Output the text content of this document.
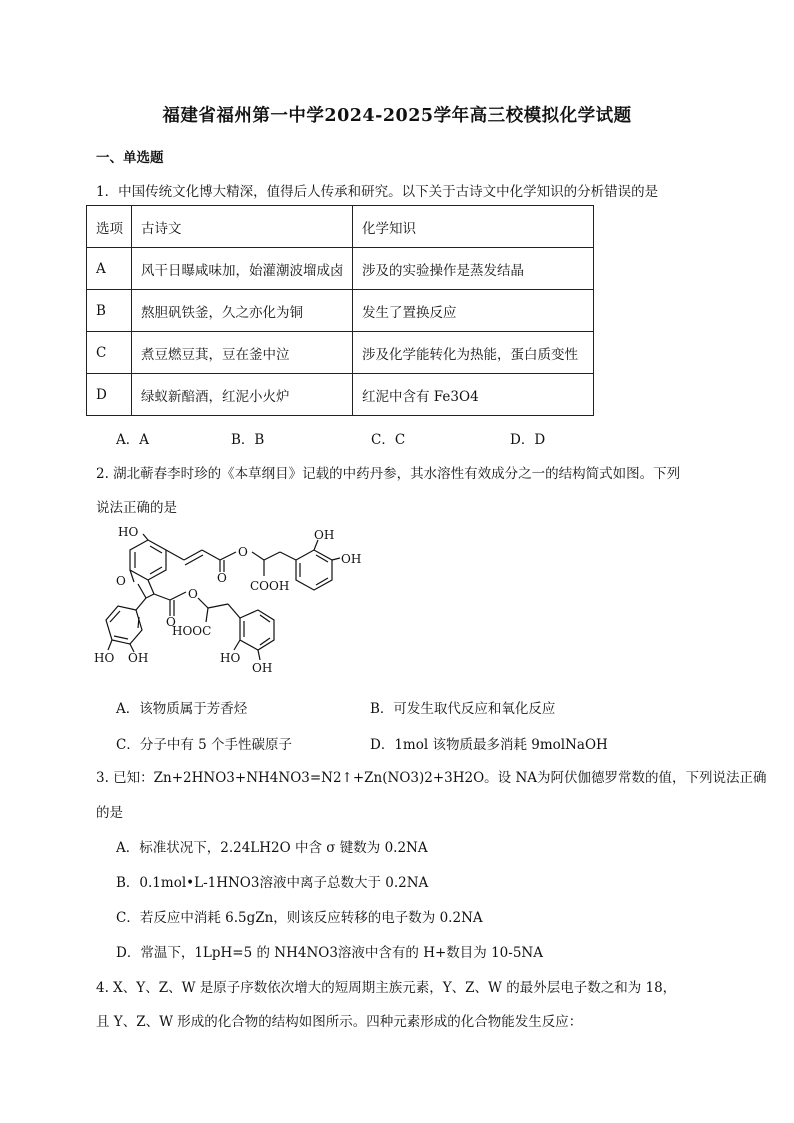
福建省福州第一中学2024-2025学年高三校模拟化学试题
一、单选题
1．中国传统文化博大精深，值得后人传承和研究。以下关于古诗文中化学知识的分析错误的是
选项	古诗文	化学知识
A	风干日曝咸味加，始灌潮波塯成卤	涉及的实验操作是蒸发结晶
B	熬胆矾铁釜，久之亦化为铜	发生了置换反应
C	煮豆燃豆萁，豆在釜中泣	涉及化学能转化为热能，蛋白质变性
D	绿蚁新醅酒，红泥小火炉	红泥中含有 Fe3O4
A．A	B．B	C．C	D．D
2. 湖北蕲春李时珍的《本草纲目》记载的中药丹参，其水溶性有效成分之一的结构简式如图。下列
说法正确的是
HO
O	O
O
O
O
COOH
OH
OH
HOOC
HO OH	HO
OH
A．该物质属于芳香烃	B．可发生取代反应和氧化反应
C．分子中有 5 个手性碳原子	D．1mol 该物质最多消耗 9molNaOH
3. 已知：Zn+2HNO3+NH4NO3=N2↑+Zn(NO3)2+3H2O。设 NA为阿伏伽德罗常数的值，下列说法正确
的是
A．标准状况下，2.24LH2O 中含 σ 键数为 0.2NA
B．0.1mol•L-1HNO3溶液中离子总数大于 0.2NA
C．若反应中消耗 6.5gZn，则该反应转移的电子数为 0.2NA
D．常温下，1LpH=5 的 NH4NO3溶液中含有的 H+数目为 10-5NA
4. X、Y、Z、W 是原子序数依次增大的短周期主族元素，Y、Z、W 的最外层电子数之和为 18，
且 Y、Z、W 形成的化合物的结构如图所示。四种元素形成的化合物能发生反应：
